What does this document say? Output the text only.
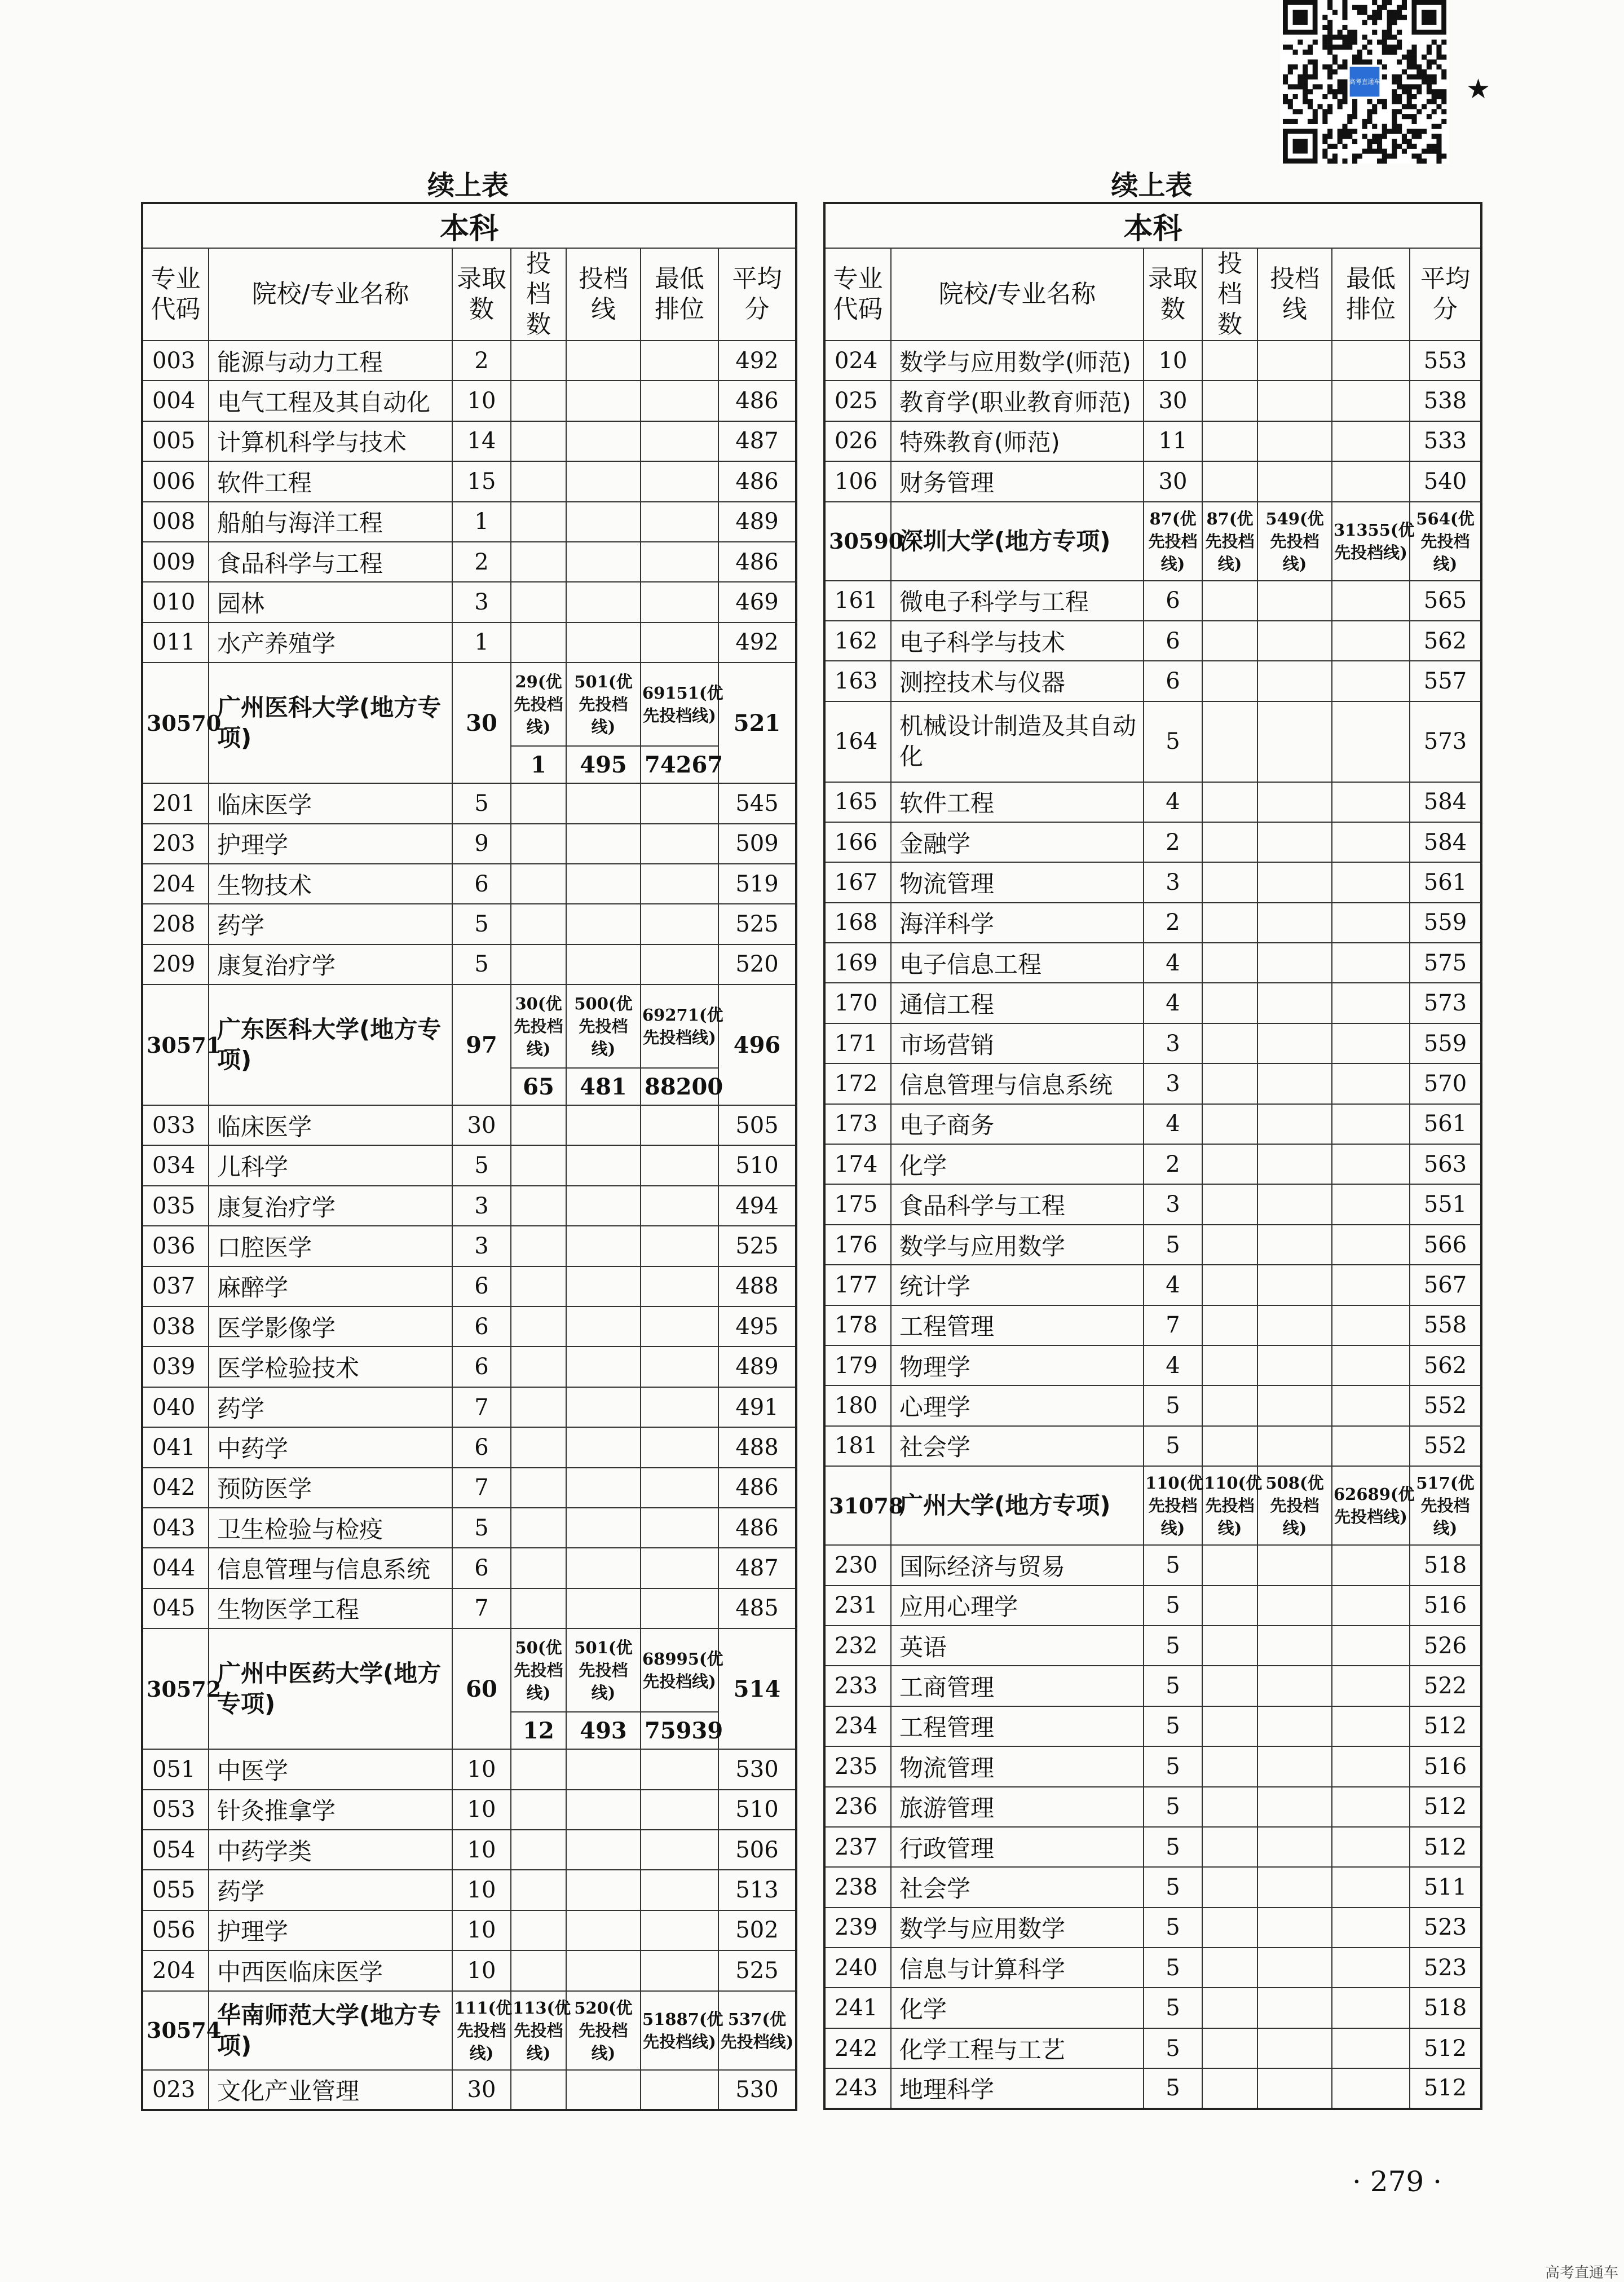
高考直通车	★
续上表	续上表
本科						
专业代码	院校/专业名称	录取数	投档数	投档线	最低排位	平均分
003	能源与动力工程	2				492
004	电气工程及其自动化	10				486
005	计算机科学与技术	14				487
006	软件工程	15				486
008	船舶与海洋工程	1				489
009	食品科学与工程	2				486
010	园林	3				469
011	水产养殖学	1				492
30570	广州医科大学(地方专项)	30	29(优先投档线)	501(优先投档线)	69151(优先投档线)	521
			1	495	74267	
201	临床医学	5				545
203	护理学	9				509
204	生物技术	6				519
208	药学	5				525
209	康复治疗学	5				520
30571	广东医科大学(地方专项)	97	30(优先投档线)	500(优先投档线)	69271(优先投档线)	496
			65	481	88200	
033	临床医学	30				505
034	儿科学	5				510
035	康复治疗学	3				494
036	口腔医学	3				525
037	麻醉学	6				488
038	医学影像学	6				495
039	医学检验技术	6				489
040	药学	7				491
041	中药学	6				488
042	预防医学	7				486
043	卫生检验与检疫	5				486
044	信息管理与信息系统	6				487
045	生物医学工程	7				485
30572	广州中医药大学(地方专项)	60	50(优先投档线)	501(优先投档线)	68995(优先投档线)	514
			12	493	75939	
051	中医学	10				530
053	针灸推拿学	10				510
054	中药学类	10				506
055	药学	10				513
056	护理学	10				502
204	中西医临床医学	10				525
30574	华南师范大学(地方专项)	111(优先投档线)	113(优先投档线)	520(优先投档线)	51887(优先投档线)	537(优先投档线)
023	文化产业管理	30				530
本科						
专业代码	院校/专业名称	录取数	投档数	投档线	最低排位	平均分
024	数学与应用数学(师范)	10				553
025	教育学(职业教育师范)	30				538
026	特殊教育(师范)	11				533
106	财务管理	30				540
30590	深圳大学(地方专项)	87(优先投档线)	87(优先投档线)	549(优先投档线)	31355(优先投档线)	564(优先投档线)
161	微电子科学与工程	6				565
162	电子科学与技术	6				562
163	测控技术与仪器	6				557
164	机械设计制造及其自动化	5				573
165	软件工程	4				584
166	金融学	2				584
167	物流管理	3				561
168	海洋科学	2				559
169	电子信息工程	4				575
170	通信工程	4				573
171	市场营销	3				559
172	信息管理与信息系统	3				570
173	电子商务	4				561
174	化学	2				563
175	食品科学与工程	3				551
176	数学与应用数学	5				566
177	统计学	4				567
178	工程管理	7				558
179	物理学	4				562
180	心理学	5				552
181	社会学	5				552
31078	广州大学(地方专项)	110(优先投档线)	110(优先投档线)	508(优先投档线)	62689(优先投档线)	517(优先投档线)
230	国际经济与贸易	5				518
231	应用心理学	5				516
232	英语	5				526
233	工商管理	5				522
234	工程管理	5				512
235	物流管理	5				516
236	旅游管理	5				512
237	行政管理	5				512
238	社会学	5				511
239	数学与应用数学	5				523
240	信息与计算科学	5				523
241	化学	5				518
242	化学工程与工艺	5				512
243	地理科学	5				512
· 279 ·
高考直通车
